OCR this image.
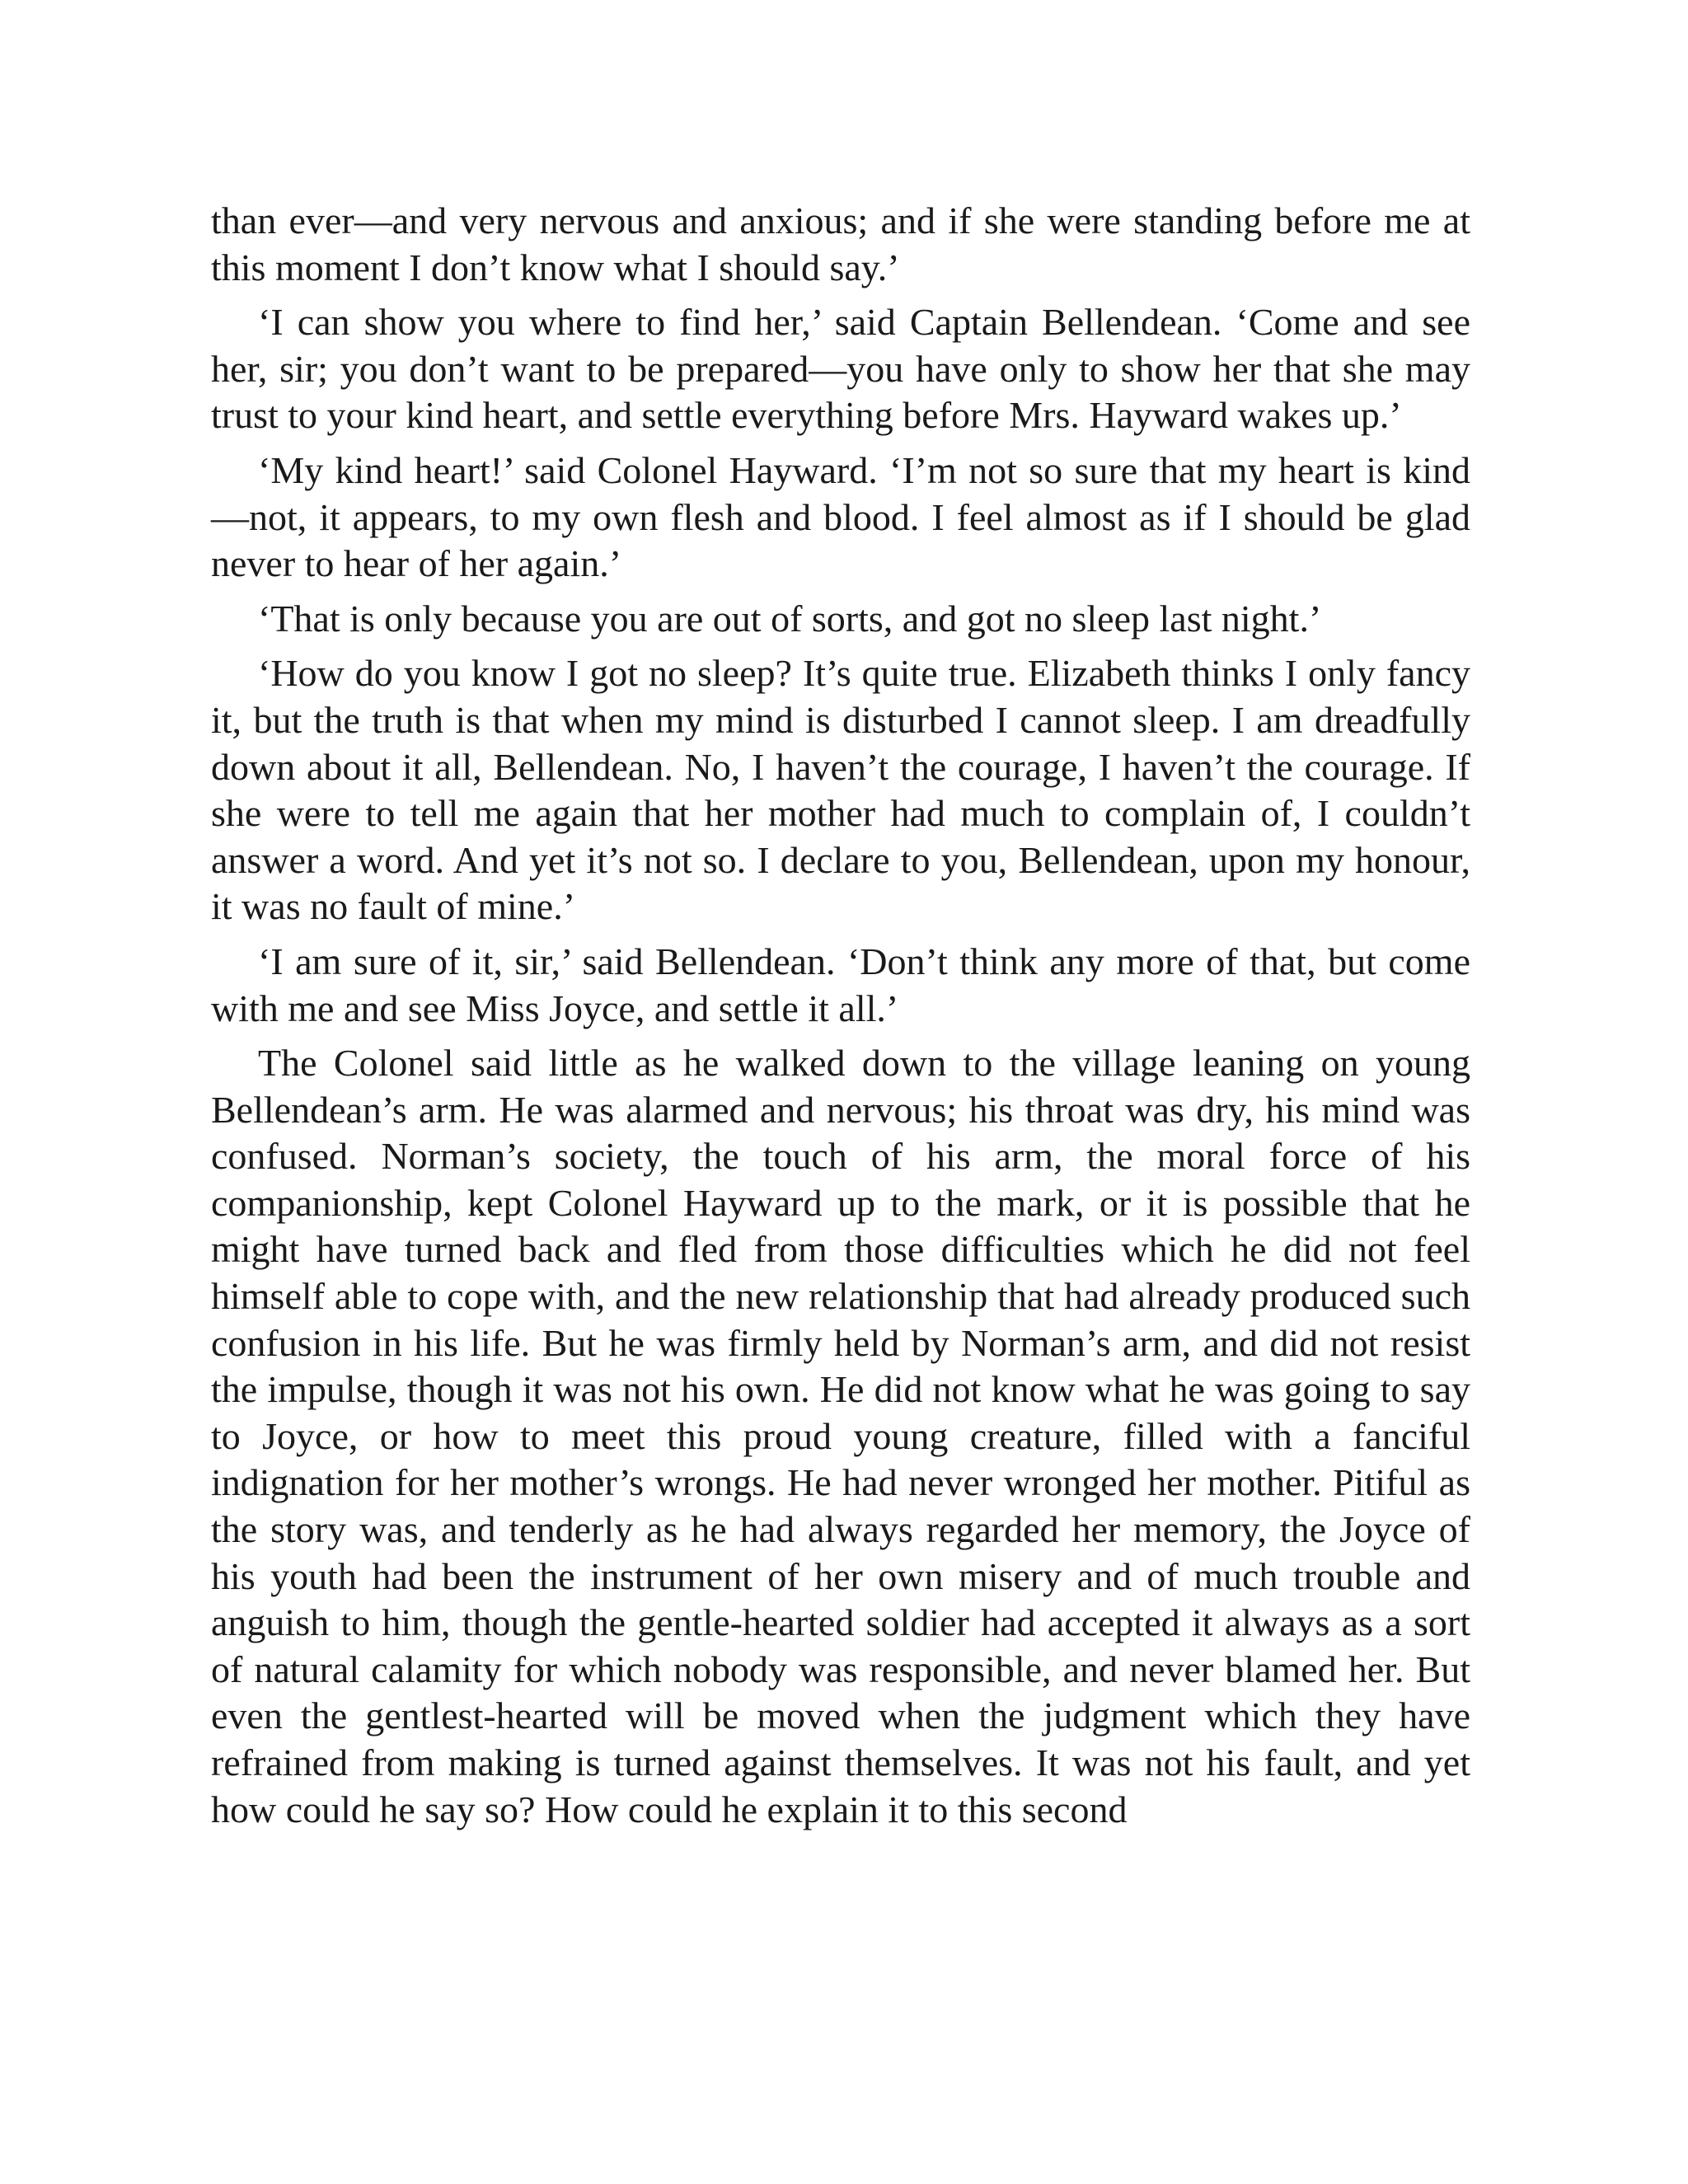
than ever—and very nervous and anxious; and if she were standing before me at this moment I don’t know what I should say.’

‘I can show you where to find her,’ said Captain Bellendean. ‘Come and see her, sir; you don’t want to be prepared—you have only to show her that she may trust to your kind heart, and settle everything before Mrs. Hayward wakes up.’

‘My kind heart!’ said Colonel Hayward. ‘I’m not so sure that my heart is kind—not, it appears, to my own flesh and blood. I feel almost as if I should be glad never to hear of her again.’

‘That is only because you are out of sorts, and got no sleep last night.’

‘How do you know I got no sleep? It’s quite true. Elizabeth thinks I only fancy it, but the truth is that when my mind is disturbed I cannot sleep. I am dreadfully down about it all, Bellendean. No, I haven’t the courage, I haven’t the courage. If she were to tell me again that her mother had much to complain of, I couldn’t answer a word. And yet it’s not so. I declare to you, Bellendean, upon my honour, it was no fault of mine.’

‘I am sure of it, sir,’ said Bellendean. ‘Don’t think any more of that, but come with me and see Miss Joyce, and settle it all.’

The Colonel said little as he walked down to the village leaning on young Bellendean’s arm. He was alarmed and nervous; his throat was dry, his mind was confused. Norman’s society, the touch of his arm, the moral force of his companionship, kept Colonel Hayward up to the mark, or it is possible that he might have turned back and fled from those difficulties which he did not feel himself able to cope with, and the new relationship that had already produced such confusion in his life. But he was firmly held by Norman’s arm, and did not resist the impulse, though it was not his own. He did not know what he was going to say to Joyce, or how to meet this proud young creature, filled with a fanciful indignation for her mother’s wrongs. He had never wronged her mother. Pitiful as the story was, and tenderly as he had always regarded her memory, the Joyce of his youth had been the instrument of her own misery and of much trouble and anguish to him, though the gentle-hearted soldier had accepted it always as a sort of natural calamity for which nobody was responsible, and never blamed her. But even the gentlest-hearted will be moved when the judgment which they have refrained from making is turned against themselves. It was not his fault, and yet how could he say so? How could he explain it to this second
